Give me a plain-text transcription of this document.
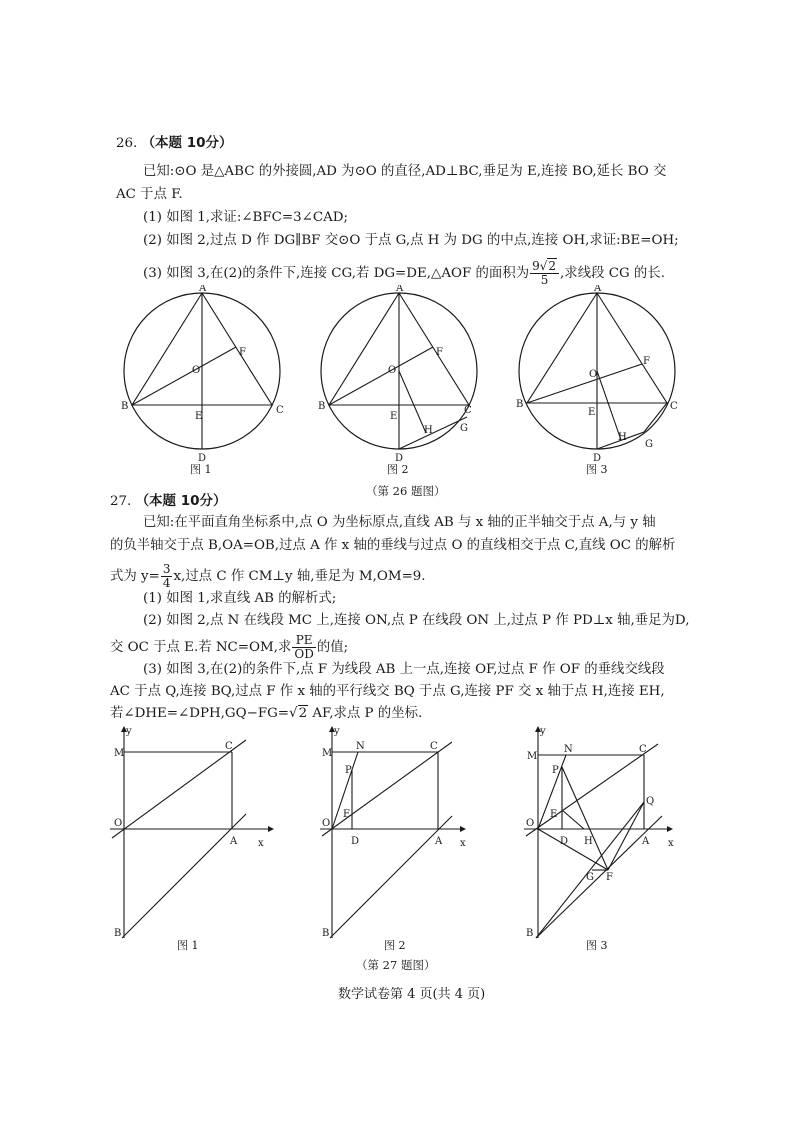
26. （本题 10分）
已知:⊙O 是△ABC 的外接圆,AD 为⊙O 的直径,AD⊥BC,垂足为 E,连接 BO,延长 BO 交
AC 于点 F.
(1) 如图 1,求证:∠BFC=3∠CAD;
(2) 如图 2,过点 D 作 DG∥BF 交⊙O 于点 G,点 H 为 DG 的中点,连接 OH,求证:BE=OH;
(3) 如图 3,在(2)的条件下,连接 CG,若 DG=DE,△AOF 的面积为 $\frac{9√2}{5}$ ,求线段 CG 的长.
A
B	C
D
E
F
O
图 1
A
B	C
D
E
F
O
G
H
图 2
A
B	C
D
E
F
O
G
H
图 3
（第 26 题图）
27. （本题 10分）
已知:在平面直角坐标系中,点 O 为坐标原点,直线 AB 与 x 轴的正半轴交于点 A,与 y 轴
的负半轴交于点 B,OA=OB,过点 A 作 x 轴的垂线与过点 O 的直线相交于点 C,直线 OC 的解析
式为 $y= \frac{3}{4} x$,过点 C 作 CM⊥y 轴,垂足为 M,OM=9.
(1) 如图 1,求直线 AB 的解析式;
(2) 如图 2,点 N 在线段 MC 上,连接 ON,点 P 在线段 ON 上,过点 P 作 PD⊥x 轴,垂足为D,
交 OC 于点 E.若 NC=OM,求 $\frac{PE}{OD}$ 的值;
(3) 如图 3,在(2)的条件下,点 F 为线段 AB 上一点,连接 OF,过点 F 作 OF 的垂线交线段
AC 于点 Q,连接 BQ,过点 F 作 x 轴的平行线交 BQ 于点 G,连接 PF 交 x 轴于点 H,连接 EH,
若∠DHE=∠DPH,GQ−FG=√2 AF,求点 P 的坐标.
y
x
M
C
O
A
B
图 1
y
x
M
N	C
P
E
O
D	A
B
图 2
y
x
M
N	C
P
E
O
D H	A
Q
G F
B
图 3
（第 27 题图）
数学试卷第 4 页(共 4 页)
